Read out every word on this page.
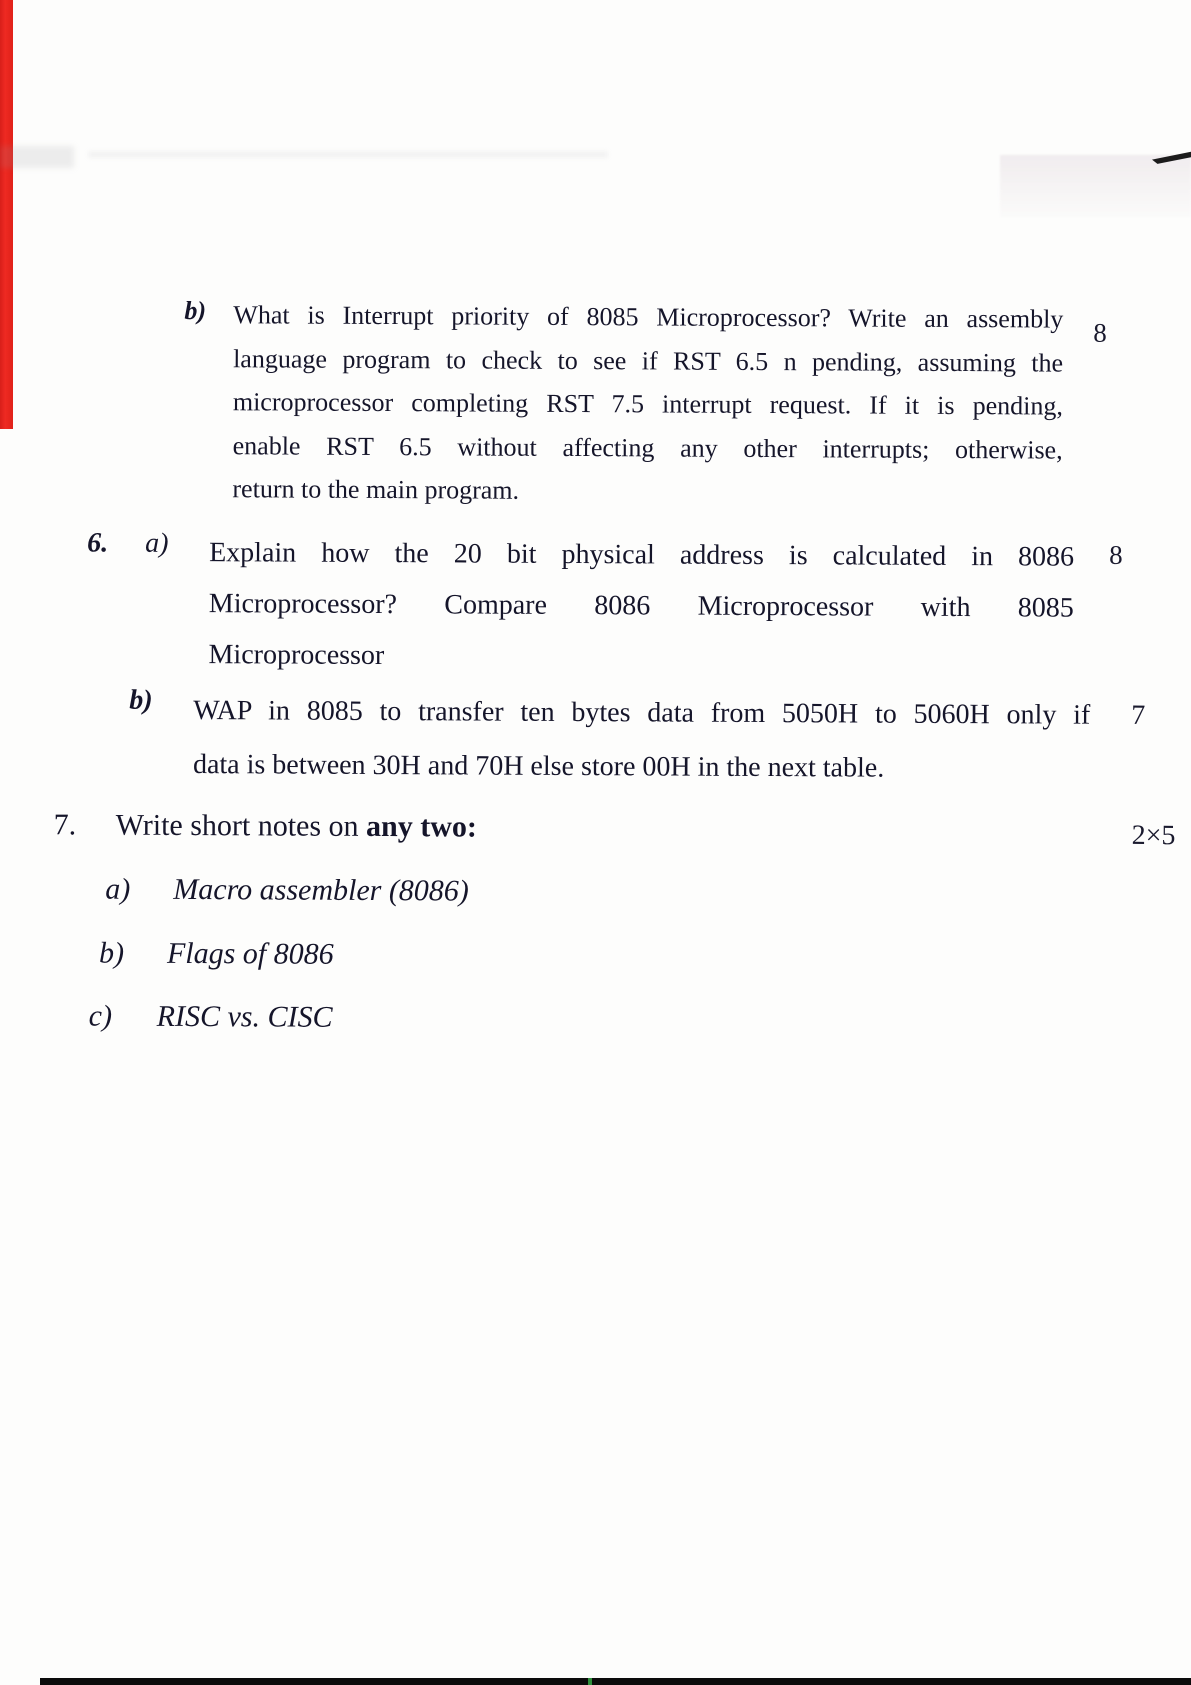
b) What is Interrupt priority of 8085 Microprocessor? Write an assembly
language program to check to see if RST 6.5 n pending, assuming the
microprocessor completing RST 7.5 interrupt request. If it is pending,
enable RST 6.5 without affecting any other interrupts; otherwise,
return to the main program.
8
6. a) Explain how the 20 bit physical address is calculated in 8086
Microprocessor? Compare 8086 Microprocessor with 8085
Microprocessor
8
b) WAP in 8085 to transfer ten bytes data from 5050H to 5060H only if
data is between 30H and 70H else store 00H in the next table.
7
7. Write short notes on any two:	2×5
a)	Macro assembler (8086)
b)	Flags of 8086
c)	RISC vs. CISC
